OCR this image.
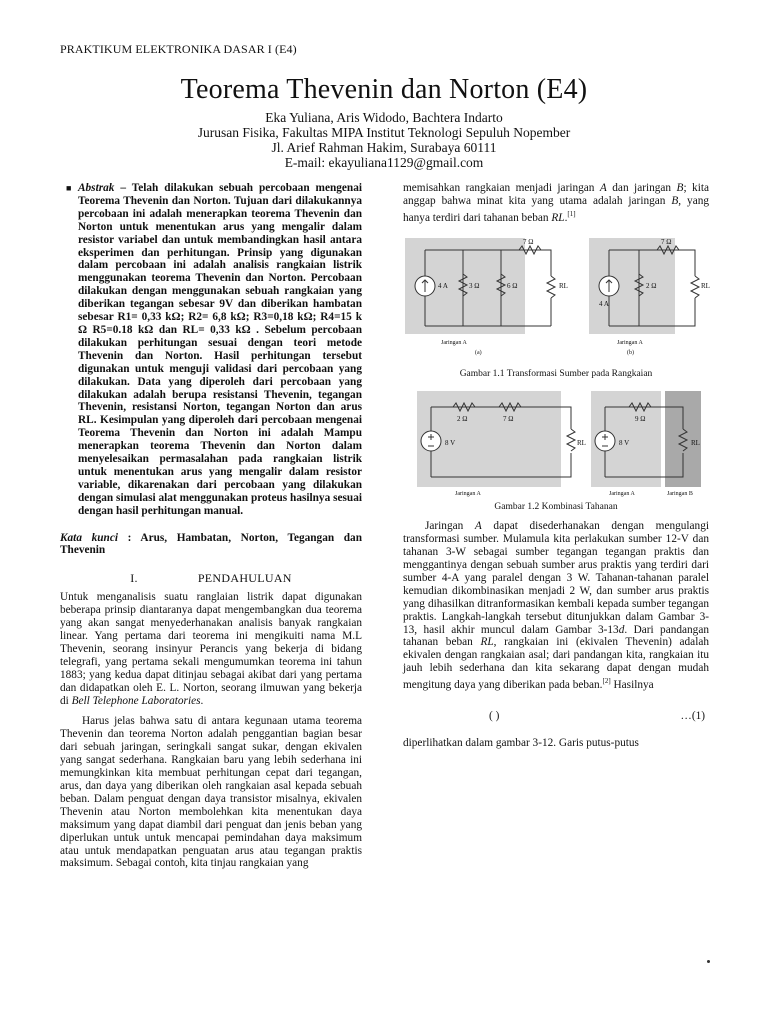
PRAKTIKUM ELEKTRONIKA DASAR I (E4)
Teorema Thevenin dan Norton (E4)
Eka Yuliana, Aris Widodo, Bachtera Indarto
Jurusan Fisika, Fakultas MIPA Institut Teknologi Sepuluh Nopember
Jl. Arief Rahman Hakim, Surabaya 60111
E-mail: ekayuliana1129@gmail.com
■ Abstrak – Telah dilakukan sebuah percobaan mengenai Teorema Thevenin dan Norton. Tujuan dari dilakukannya percobaan ini adalah menerapkan teorema Thevenin dan Norton untuk menentukan arus yang mengalir dalam resistor variabel dan untuk membandingkan hasil antara eksperimen dan perhitungan. Prinsip yang digunakan dalam percobaan ini adalah analisis rangkaian listrik menggunakan teorema Thevenin dan Norton. Percobaan dilakukan dengan menggunakan sebuah rangkaian yang diberikan tegangan sebesar 9V dan diberikan hambatan sebesar R1= 0,33 kΩ; R2= 6,8 kΩ; R3=0,18 kΩ; R4=15 k Ω R5=0.18 kΩ dan RL= 0,33 kΩ . Sebelum percobaan dilakukan perhitungan sesuai dengan teori metode Thevenin dan Norton. Hasil perhitungan tersebut digunakan untuk menguji validasi dari percobaan yang dilakukan. Data yang diperoleh dari percobaan yang dilakukan adalah berupa resistansi Thevenin, tegangan Thevenin, resistansi Norton, tegangan Norton dan arus RL. Kesimpulan yang diperoleh dari percobaan mengenai Teorema Thevenin dan Norton ini adalah Mampu menerapkan teorema Thevenin dan Norton dalam menyelesaikan permasalahan pada rangkaian listrik untuk menentukan arus yang mengalir dalam resistor variable, dikarenakan dari percobaan yang dilakukan dengan simulasi alat menggunakan proteus hasilnya sesuai dengan hasil perhitungan manual.
Kata kunci : Arus, Hambatan, Norton, Tegangan dan Thevenin
I.	PENDAHULUAN

Untuk menganalisis suatu ranglaian listrik dapat digunakan beberapa prinsip diantaranya dapat mengembangkan dua teorema yang akan sangat menyederhanakan analisis banyak rangkaian linear. Yang pertama dari teorema ini mengikuiti nama M.L Thevenin, seorang insinyur Perancis yang bekerja di bidang telegrafi, yang pertama sekali mengumumkan teorema ini tahun 1883; yang kedua dapat ditinjau sebagai akibat dari yang pertama dan didapatkan oleh E. L. Norton, seorang ilmuwan yang bekerja di Bell Telephone Laboratories.

Harus jelas bahwa satu di antara kegunaan utama teorema Thevenin dan teorema Norton adalah penggantian bagian besar dari sebuah jaringan, seringkali sangat sukar, dengan ekivalen yang sangat sederhana. Rangkaian baru yang lebih sederhana ini memungkinkan kita membuat perhitungan cepat dari tegangan, arus, dan daya yang diberikan oleh rangkaian asal kepada sebuah beban. Dalam penguat dengan daya transistor misalnya, ekivalen Thevenin atau Norton membolehkan kita menentukan daya maksimum yang dapat diambil dari penguat dan jenis beban yang diperlukan untuk untuk mencapai pemindahan daya maksimum atau untuk mendapatkan penguatan arus atau tegangan praktis maksimum. Sebagai contoh, kita tinjau rangkaian yang

memisahkan rangkaian menjadi jaringan A dan jaringan B; kita anggap bahwa minat kita yang utama adalah jaringan B, yang hanya terdiri dari tahanan beban RL.[1]

4 A	3 Ω	6 Ω
7 Ω
RL
Jaringan A
(a)
4 A
2 Ω
7 Ω
RL
Jaringan A
(b)
Gambar 1.1 Transformasi Sumber pada Rangkaian
8 V
2 Ω	7 Ω
RL
Jaringan A
8 V
9 Ω
RL
Jaringan A	Jaringan B
Gambar 1.2 Kombinasi Tahanan

Jaringan A dapat disederhanakan dengan mengulangi transformasi sumber. Mulamula kita perlakukan sumber 12-V dan tahanan 3-W sebagai sumber tegangan tegangan praktis dan menggantinya dengan sebuah sumber arus praktis yang terdiri dari sumber 4-A yang paralel dengan 3 W. Tahanan-tahanan paralel kemudian dikombinasikan menjadi 2 W, dan sumber arus praktis yang dihasilkan ditranformasikan kembali kepada sumber tegangan praktis. Langkah-langkah tersebut ditunjukkan dalam Gambar 3-13, hasil akhir muncul dalam Gambar 3-13d. Dari pandangan tahanan beban RL, rangkaian ini (ekivalen Thevenin) adalah ekivalen dengan rangkaian asal; dari pandangan kita, rangkaian itu jauh lebih sederhana dan kita sekarang dapat dengan mudah mengitung daya yang diberikan pada beban.[2] Hasilnya

( )	…(1)

diperlihatkan dalam gambar 3-12. Garis putus-putus
